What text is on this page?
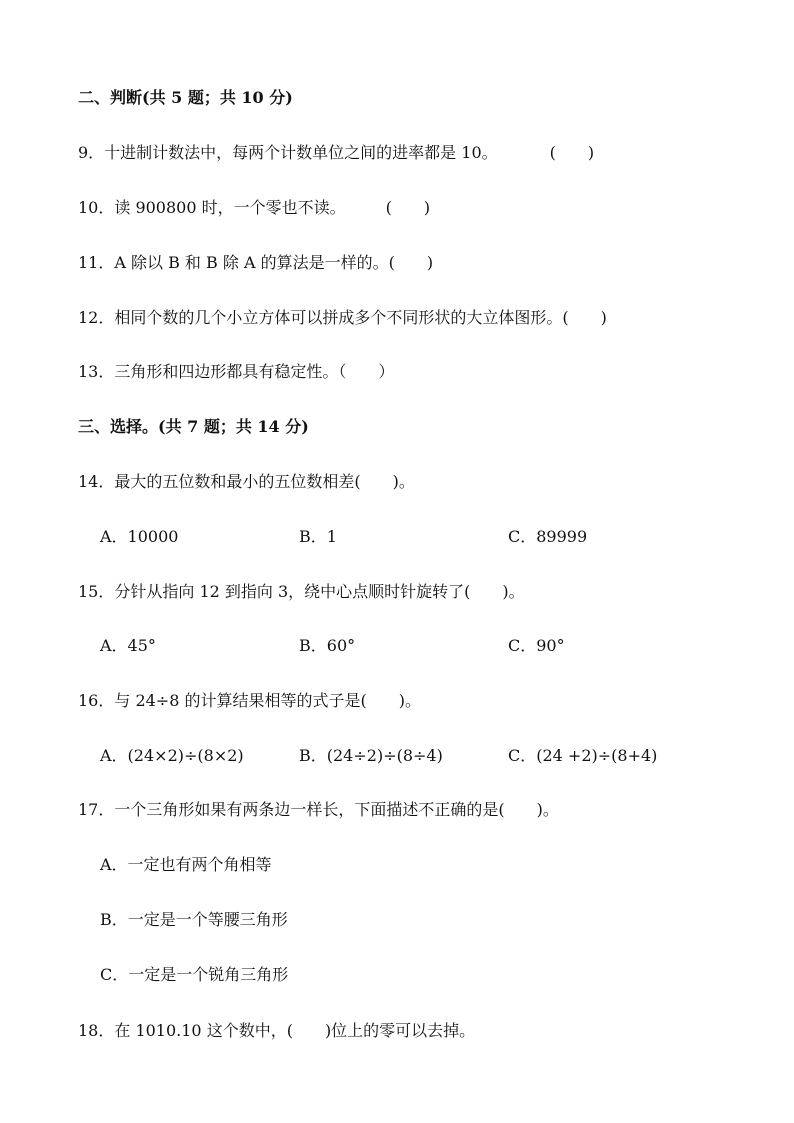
二、判断(共 5 题；共 10 分)
9．十进制计数法中，每两个计数单位之间的进率都是 10。	(　　)
10．读 900800 时，一个零也不读。	(　　)
11．A 除以 B 和 B 除 A 的算法是一样的。(　　)
12．相同个数的几个小立方体可以拼成多个不同形状的大立体图形。(　　)
13．三角形和四边形都具有稳定性。（　　）
三、选择。(共 7 题；共 14 分)
14．最大的五位数和最小的五位数相差(　　)。
A．10000	B．1	C．89999
15．分针从指向 12 到指向 3，绕中心点顺时针旋转了(　　)。
A．45°	B．60°	C．90°
16．与 24÷8 的计算结果相等的式子是(　　)。
A．(24×2)÷(8×2)	B．(24÷2)÷(8÷4)	C．(24 +2)÷(8+4)
17．一个三角形如果有两条边一样长，下面描述不正确的是(　　)。
A．一定也有两个角相等
B．一定是一个等腰三角形
C．一定是一个锐角三角形
18．在 1010.10 这个数中，(　　)位上的零可以去掉。
